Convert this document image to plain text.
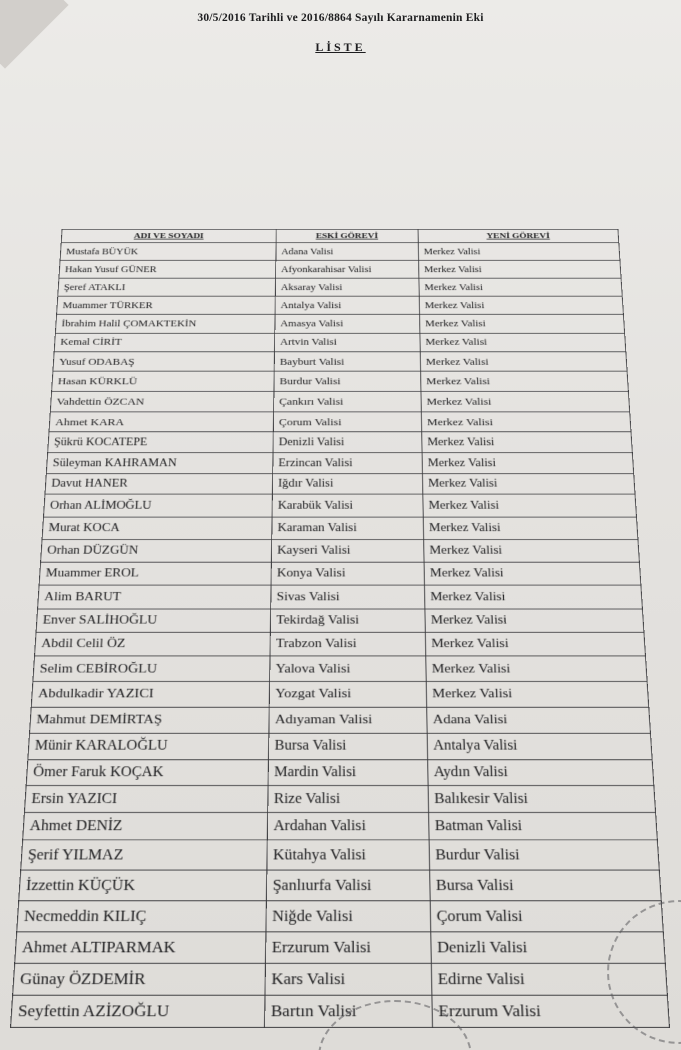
30/5/2016 Tarihli ve 2016/8864 Sayılı Kararnamenin Eki
LİSTE
ADI VE SOYADI	ESKİ GÖREVİ	YENİ GÖREVİ
Mustafa BÜYÜK	Adana Valisi	Merkez Valisi
Hakan Yusuf GÜNER	Afyonkarahisar Valisi	Merkez Valisi
Şeref ATAKLI	Aksaray Valisi	Merkez Valisi
Muammer TÜRKER	Antalya Valisi	Merkez Valisi
İbrahim Halil ÇOMAKTEKİN	Amasya Valisi	Merkez Valisi
Kemal CİRİT	Artvin Valisi	Merkez Valisi
Yusuf ODABAŞ	Bayburt Valisi	Merkez Valisi
Hasan KÜRKLÜ	Burdur Valisi	Merkez Valisi
Vahdettin ÖZCAN	Çankırı Valisi	Merkez Valisi
Ahmet KARA	Çorum Valisi	Merkez Valisi
Şükrü KOCATEPE	Denizli Valisi	Merkez Valisi
Süleyman KAHRAMAN	Erzincan Valisi	Merkez Valisi
Davut HANER	Iğdır Valisi	Merkez Valisi
Orhan ALİMOĞLU	Karabük Valisi	Merkez Valisi
Murat KOCA	Karaman Valisi	Merkez Valisi
Orhan DÜZGÜN	Kayseri Valisi	Merkez Valisi
Muammer EROL	Konya Valisi	Merkez Valisi
Alim BARUT	Sivas Valisi	Merkez Valisi
Enver SALİHOĞLU	Tekirdağ Valisi	Merkez Valisi
Abdil Celil ÖZ	Trabzon Valisi	Merkez Valisi
Selim CEBİROĞLU	Yalova Valisi	Merkez Valisi
Abdulkadir YAZICI	Yozgat Valisi	Merkez Valisi
Mahmut DEMİRTAŞ	Adıyaman Valisi	Adana Valisi
Münir KARALOĞLU	Bursa Valisi	Antalya Valisi
Ömer Faruk KOÇAK	Mardin Valisi	Aydın Valisi
Ersin YAZICI	Rize Valisi	Balıkesir Valisi
Ahmet DENİZ	Ardahan Valisi	Batman Valisi
Şerif YILMAZ	Kütahya Valisi	Burdur Valisi
İzzettin KÜÇÜK	Şanlıurfa Valisi	Bursa Valisi
Necmeddin KILIÇ	Niğde Valisi	Çorum Valisi
Ahmet ALTIPARMAK	Erzurum Valisi	Denizli Valisi
Günay ÖZDEMİR	Kars Valisi	Edirne Valisi
Seyfettin AZİZOĞLU	Bartın Valisi	Erzurum Valisi
